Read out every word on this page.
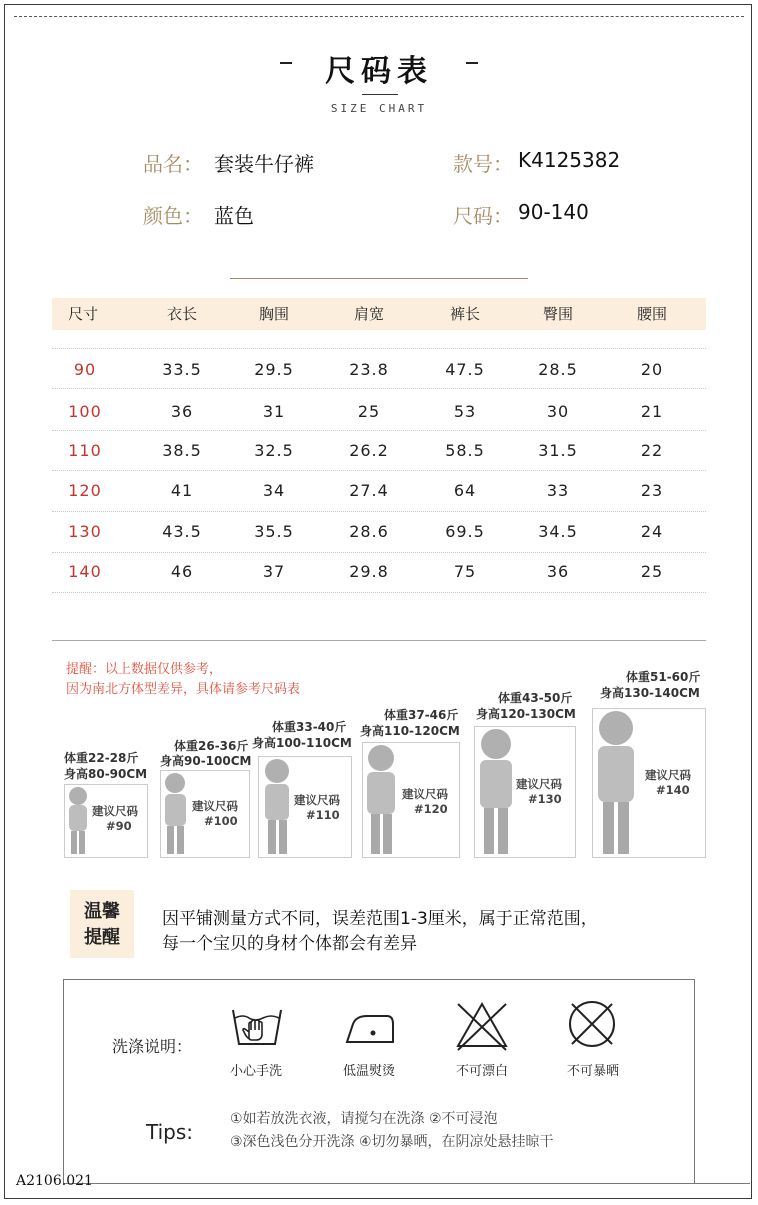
尺码表
SIZE CHART
品名： 套装牛仔裤	款号： K4125382
颜色： 蓝色	尺码： 90-140
尺寸	衣长	胸围	肩宽	裤长	臀围	腰围
90	33.5	29.5	23.8	47.5	28.5	20
100	36	31	25	53	30	21
110	38.5	32.5	26.2	58.5	31.5	22
120	41	34	27.4	64	33	23
130	43.5	35.5	28.6	69.5	34.5	24
140	46	37	29.8	75	36	25
提醒：以上数据仅供参考，
因为南北方体型差异，具体请参考尺码表
体重22-28斤
身高80-90CM
建议尺码
#90
体重26-36斤
身高90-100CM
建议尺码
#100
体重33-40斤
身高100-110CM
建议尺码
#110
体重37-46斤
身高110-120CM
建议尺码
#120
体重43-50斤
身高120-130CM
建议尺码
#130
体重51-60斤
身高130-140CM
建议尺码
#140
温馨
提醒
因平铺测量方式不同，误差范围1-3厘米，属于正常范围，
每一个宝贝的身材个体都会有差异
洗涤说明：
小心手洗	低温熨烫	不可漂白	不可暴晒
Tips:
①如若放洗衣液，请搅匀在洗涤 ②不可浸泡
③深色浅色分开洗涤 ④切勿暴晒，在阴凉处悬挂晾干
A2106.021
